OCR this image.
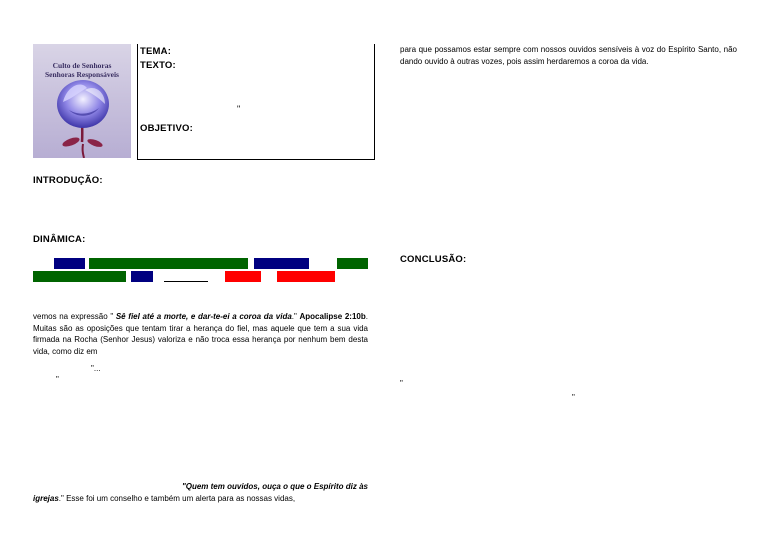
Culto de Senhoras
Senhoras Responsáveis
TEMA:
TEXTO:
"
OBJETIVO:
INTRODUÇÃO:
DINÂMICA:
vemos na expressão " Sê fiel até a morte, e dar-te-ei a coroa da vida." Apocalipse 2:10b. Muitas são as oposições que tentam tirar a herança do fiel, mas aquele que tem a sua vida firmada na Rocha (Senhor Jesus) valoriza e não troca essa herança por nenhum bem desta vida, como diz em
"...
"
"Quem tem ouvidos, ouça o que o Espírito diz às
igrejas." Esse foi um conselho e também um alerta para as nossas vidas,
para que possamos estar sempre com nossos ouvidos sensíveis à voz do Espírito Santo, não dando ouvido à outras vozes, pois assim herdaremos a coroa da vida.
CONCLUSÃO:
"
"
